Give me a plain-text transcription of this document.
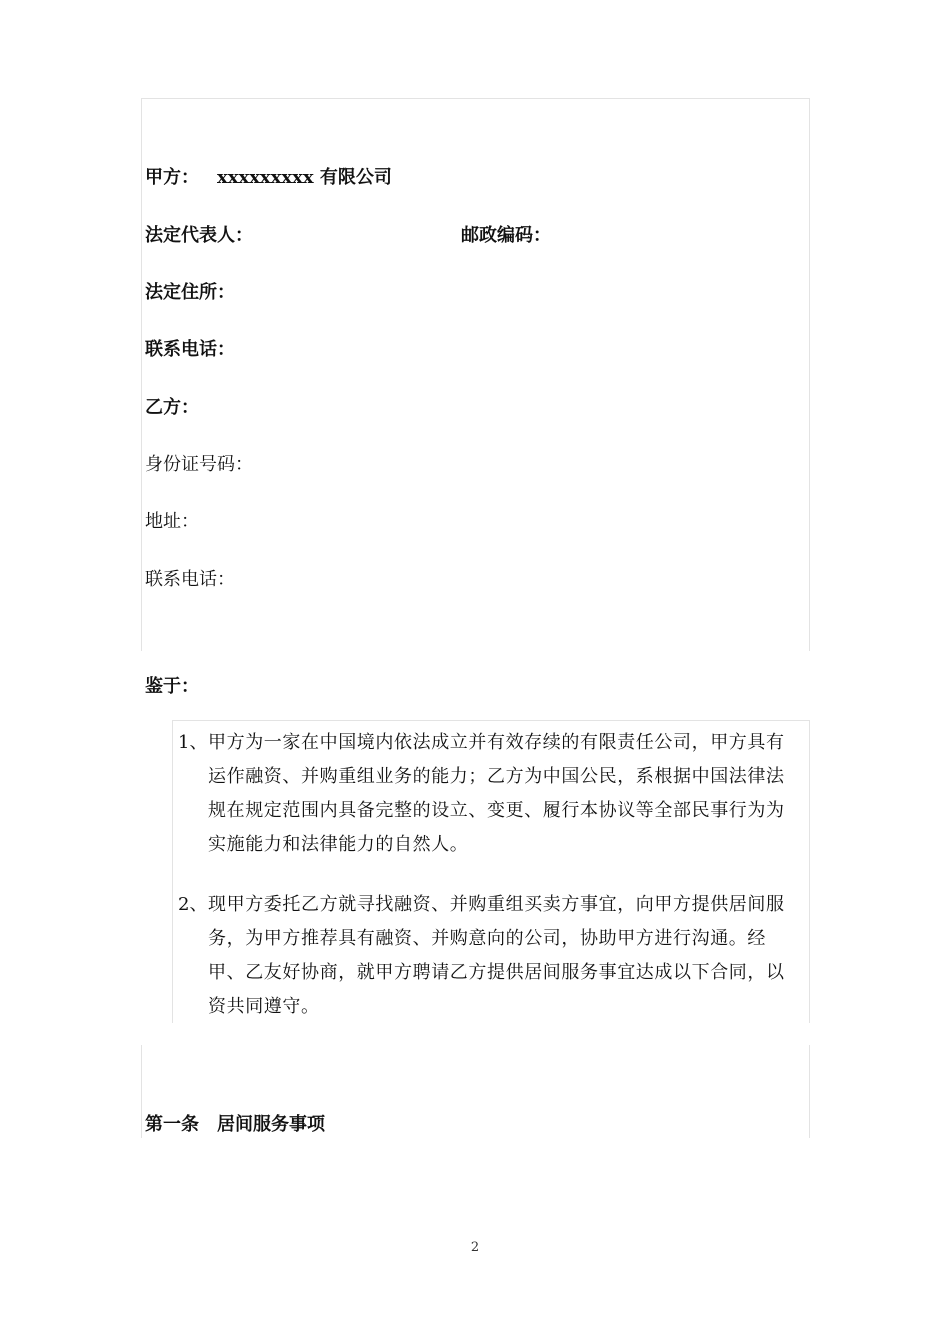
甲方： xxxxxxxxx 有限公司
法定代表人：	邮政编码：
法定住所：
联系电话：
乙方：
身份证号码：
地址：
联系电话：
鉴于：
1、 甲方为一家在中国境内依法成立并有效存续的有限责任公司，甲方具有运作融资、并购重组业务的能力；乙方为中国公民，系根据中国法律法规在规定范围内具备完整的设立、变更、履行本协议等全部民事行为为实施能力和法律能力的自然人。
2、 现甲方委托乙方就寻找融资、并购重组买卖方事宜，向甲方提供居间服务，为甲方推荐具有融资、并购意向的公司，协助甲方进行沟通。经甲、乙友好协商，就甲方聘请乙方提供居间服务事宜达成以下合同，以资共同遵守。
第一条 居间服务事项
2
